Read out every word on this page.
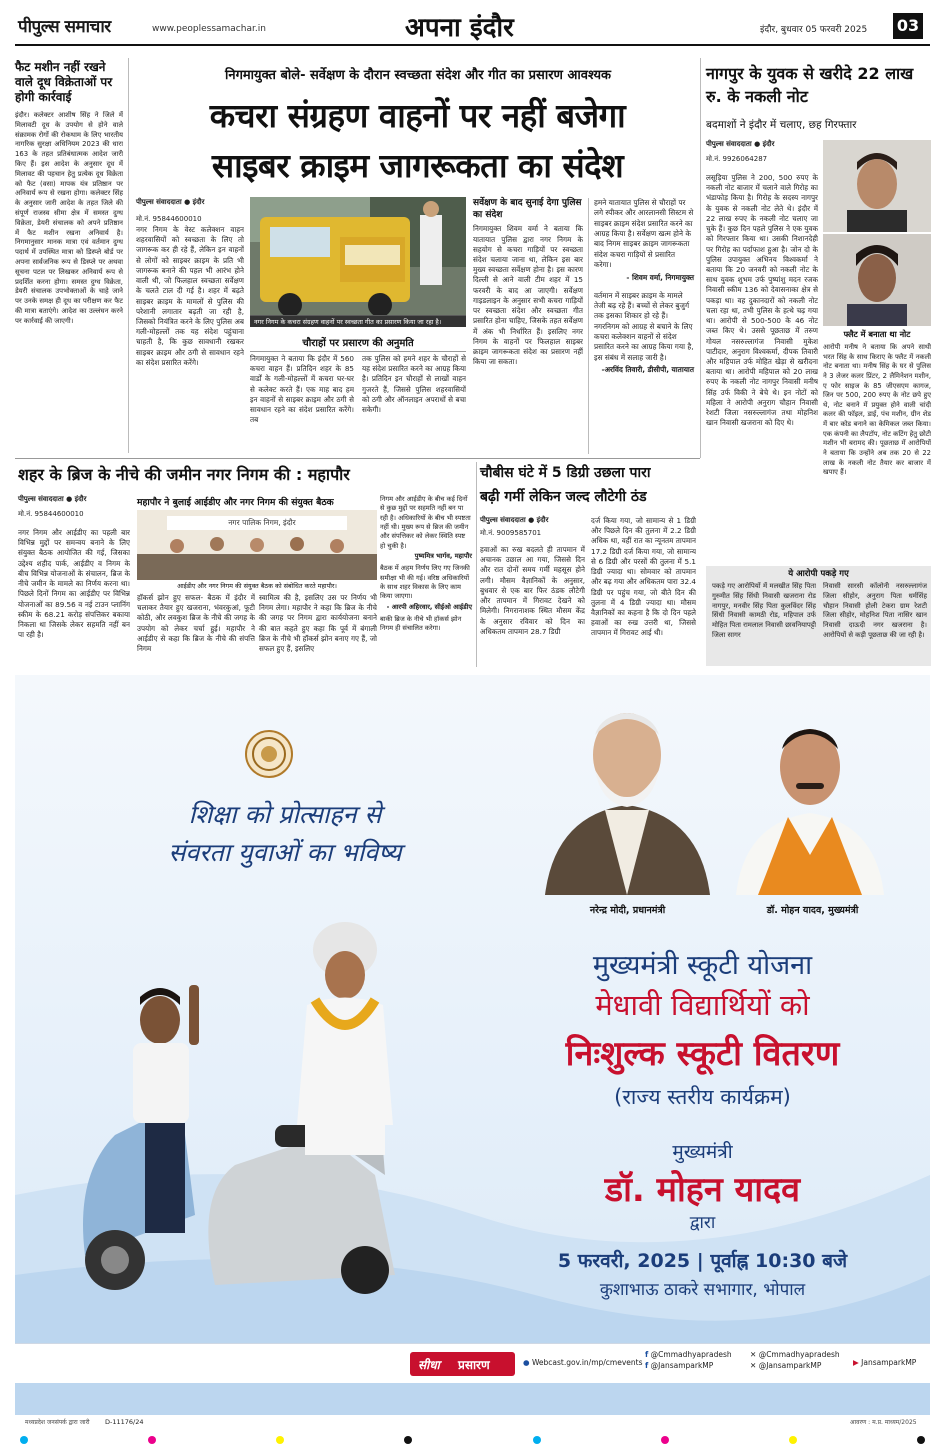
पीपुल्स समाचार	www.peoplessamachar.in	अपना इंदौर	इंदौर, बुधवार 05 फरवरी 2025 03
फैट मशीन नहीं रखने वाले दूध विक्रेताओं पर होगी कार्रवाई
इंदौर। कलेक्टर आशीष सिंह ने जिले में मिलावटी दूध के उपयोग से होने वाले संक्रामक रोगों की रोकथाम के लिए भारतीय नागरिक सुरक्षा अधिनियम 2023 की धारा 163 के तहत प्रतिबंधात्मक आदेश जारी किए हैं। इस आदेश के अनुसार दूध में मिलावट की पहचान हेतु प्रत्येक दूध विक्रेता को फैट (वसा) मापक यंत्र प्रतिष्ठान पर अनिवार्य रूप से रखना होगा। कलेक्टर सिंह के अनुसार जारी आदेश के तहत जिले की संपूर्ण राजस्व सीमा क्षेत्र में समस्त दुग्ध विक्रेता, डेयरी संचालक को अपने प्रतिष्ठान में फैट मशीन रखना अनिवार्य है। निगमानुसार मानक मात्रा एवं वर्तमान दुग्ध पदार्थ में उपस्थित मात्रा को डिस्प्ले बोर्ड पर अपना सार्वजनिक रूप से डिस्प्ले पर अथवा सूचना पटल पर लिखकर अनिवार्य रूप से प्रदर्शित करना होगा। समस्त दुग्ध विक्रेता, डेयरी संचालक उपभोक्ताओं के चाहे जाने पर उनके समक्ष ही दूध का परीक्षण कर फैट की मात्रा बताएंगे। आदेश का उल्लंघन करने पर कार्रवाई की जाएगी।
निगमायुक्त बोले- सर्वेक्षण के दौरान स्वच्छता संदेश और गीत का प्रसारण आवश्यक
कचरा संग्रहण वाहनों पर नहीं बजेगा
साइबर क्राइम जागरूकता का संदेश
पीपुल्स संवाददाता ● इंदौर
मो.नं. 95844600010
नगर निगम के वेस्ट कलेक्शन वाहन शहरवासियों को स्वच्छता के लिए तो जागरूक कर ही रहे हैं, लेकिन इन वाहनों से लोगों को साइबर क्राइम के प्रति भी जागरूक बनाने की पहल भी आरंभ होने वाली थी, जो फिलहाल स्वच्छता सर्वेक्षण के चलते टाल दी गई है। शहर में बढ़ते साइबर क्राइम के मामलों से पुलिस की परेशानी लगातार बढ़ती जा रही है, जिसको नियंत्रित करने के लिए पुलिस अब गली-मोहल्लों तक यह संदेश पहुंचाना चाहती है, कि कुछ सावधानी रखकर साइबर क्राइम और ठगी से सावधान रहने का संदेश प्रसारित करेंगे।
नगर निगम के कचरा संग्रहण वाहनों पर स्वच्छता गीत का प्रसारण किया जा रहा है।
चौराहों पर प्रसारण की अनुमति
निगमायुक्त ने बताया कि इंदौर में 560 कचरा वाहन हैं। प्रतिदिन शहर के 85 वार्डों के गली-मोहल्लों में कचरा घर-घर से कलेक्ट करते हैं। एक माह बाद हम इन वाहनों से साइबर क्राइम और ठगी से सावधान रहने का संदेश प्रसारित करेंगे। तब
तक पुलिस को हमने शहर के चौराहों से यह संदेश प्रसारित करने का आग्रह किया है। प्रतिदिन इन चौराहों से लाखों वाहन गुजरते हैं, जिससे पुलिस शहरवासियों को ठगी और ऑनलाइन अपराधों से बचा सकेगी।
सर्वेक्षण के बाद सुनाई देगा पुलिस का संदेश
निगमायुक्त शिवम वर्मा ने बताया कि यातायात पुलिस द्वारा नगर निगम के सहयोग से कचरा गाड़ियों पर स्वच्छता संदेश चलाया जाना था, लेकिन इस बार मुख्य स्वच्छता सर्वेक्षण होना है। इस कारण दिल्ली से आने वाली टीम शहर में 15 फरवरी के बाद आ जाएगी। सर्वेक्षण गाइडलाइन के अनुसार सभी कचरा गाड़ियों पर स्वच्छता संदेश और स्वच्छता गीत प्रसारित होना चाहिए, जिसके तहत सर्वेक्षण में अंक भी निर्धारित हैं। इसलिए नगर निगम के वाहनों पर फिलहाल साइबर क्राइम जागरूकता संदेश का प्रसारण नहीं किया जा सकता।
हमने यातायात पुलिस से चौराहों पर लगे स्पीकर और आरलानसी सिस्टम से साइबर क्राइम संदेश प्रसारित करने का आग्रह किया है। सर्वेक्षण खत्म होने के बाद निगम साइबर क्राइम जागरूकता संदेश कचरा गाड़ियों से प्रसारित करेगा।
- शिवम वर्मा, निगमायुक्त
वर्तमान में साइबर क्राइम के मामले तेजी बढ़ रहे हैं। बच्चों से लेकर बुजुर्ग तक इसका शिकार हो रहे हैं। नगरनिगम को आग्रह से बचाने के लिए कचरा कलेक्शन वाहनों से संदेश प्रसारित करने का आग्रह किया गया है, इस संबंध में सलाह जारी है।
-अरविंद तिवारी, डीसीपी, यातायात
नागपुर के युवक से खरीदे 22 लाख रु. के नकली नोट
बदमाशों ने इंदौर में चलाए, छह गिरफ्तार
पीपुल्स संवाददाता ● इंदौर
मो.नं. 9926064287
लसूड़िया पुलिस ने 200, 500 रुपए के नकली नोट बाजार में चलाने वाले गिरोह का भंडाफोड़ किया है। गिरोह के सदस्य नागपुर के युवक से नकली नोट लेते थे। इंदौर में 22 लाख रुपए के नकली नोट चलाए जा चुके हैं। कुछ दिन पहले पुलिस ने एक युवक को गिरफ्तार किया था। उसकी निशानदेही पर गिरोह का पर्दाफाश हुआ है। जोन दो के पुलिस उपायुक्त अभिनय विश्वकर्मा ने बताया कि 20 जनवरी को नकली नोट के साथ युवक शुभम उर्फ पुष्पांशु मदन रजक निवासी स्कीम 136 को देवासनाका क्षेत्र से पकड़ा था। वह दुकानदारों को नकली नोट चला रहा था, तभी पुलिस के हत्थे चढ़ गया था। आरोपी से 500-500 के 46 नोट जब्त किए थे। उससे पूछताछ में तरुण गोयल नसरुल्लागंज निवासी मुकेश पाटीदार, अनुराग विश्वकर्मा, दीपक तिवारी और महिपाल उर्फ मोहित खेड़ा से खरीदना बताया था। आरोपी महिपाल को 20 लाख रुपए के नकली नोट नागपुर निवासी मनीष सिंह उर्फ विकी ने बेचे थे। इन नोटों को महिला ने आरोपी अनुराग चौहान निवासी रेशटी जिला नसरुल्लागंज तथा मोहनिश खान निवासी खजराना को दिए थे।
फ्लैट में बनाता था नोट
आरोपी मनीष ने बताया कि अपने साथी भरत सिंह के साथ किराए के फ्लैट में नकली नोट बनाता था। मनीष सिंह के घर से पुलिस ने 3 लेजर कलर प्रिंटर, 2 लैमिनेशन मशीन, ए फोर साइज के 85 जीएसएम कागज, जिन पर 500, 200 रुपए के नोट छपे हुए थे, नोट बनाने में प्रयुक्त होने वाली चांदी कलर की फॉइल, डाई, पंच मशीन, ग्रीन शेड में बार कोड बनाने का केमिकल जब्त किया। एक कंपनी का लैपटॉप, नोट कटिंग हेतु छोटी मशीन भी बरामद की। पूछताछ में आरोपियों ने बताया कि उन्होंने अब तक 20 से 22 लाख के नकली नोट तैयार कर बाजार में खपाए हैं।
ये आरोपी पकड़े गए
पकड़े गए आरोपियों में मलखीत सिंह पिता गुरुमीत सिंह सिंधी निवासी खजराना रोड नागपुर, मनवीर सिंह पिता कुलविंदर सिंह सिंधी निवासी कामठी रोड, महिपाल उर्फ मोहित पिता रामलाल निवासी छावनियापट्टी जिला सागर
निवासी सारसी कॉलोनी नसरुल्लागंज जिला सीहोर, अनुराग पिता धर्मसिंह चौहान निवासी होली टेकरा ग्राम रेशटी जिला सीहोर, मोहनिश पिता नासिर खान निवासी दाऊदी नगर खजराना है। आरोपियों से कड़ी पूछताछ की जा रही है।
शहर के ब्रिज के नीचे की जमीन नगर निगम की : महापौर
पीपुल्स संवाददाता ● इंदौर
मो.नं. 95844600010
नगर निगम और आईडीए का पहली बार विभिन्न मुद्दों पर समन्वय बनाने के लिए संयुक्त बैठक आयोजित की गई, जिसका उद्देश्य शहीद पार्क, आईडीए व निगम के बीच विभिन्न योजनाओं के संचालन, ब्रिज के नीचे जमीन के मामले का निर्णय करना था। पिछले दिनों निगम का आईडीए पर विभिन्न योजनाओं का 89.56 व नई टाउन प्लानिंग स्कीम के 68.21 करोड़ संपत्तिकर बकाया निकला था जिसके लेकर सहमति नहीं बन पा रही है।
महापौर ने बुलाई आईडीए और नगर निगम की संयुक्त बैठक
नगर पालिक निगम, इंदौर
आईडीए और नगर निगम की संयुक्त बैठक को संबोधित करते महापौर।
हॉकर्स झोन हुए सफल- बैठक में इंदौर में चलाकर तैयार हुए खजराना, भंवरकुआं, फूटी कोठी, और लवकुश ब्रिज के नीचे की जगह के उपयोग को लेकर चर्चा हुई। महापौर ने आईडीए से कहा कि ब्रिज के नीचे की संपत्ति निगम
स्वामित्व की है, इसलिए उस पर निर्णय भी निगम लेगा। महापौर ने कहा कि ब्रिज के नीचे की जगह पर निगम द्वारा कार्ययोजना बनाने की बात कहते हुए कहा कि पूर्व में बंगाली ब्रिज के नीचे भी हॉकर्स झोन बनाए गए हैं, जो सफल हुए हैं, इसलिए
निगम और आईडीए के बीच कई दिनों से कुछ मुद्दों पर सहमति नहीं बन पा रही है। अधिकारियों के बीच भी स्पष्टता नहीं थी। मुख्य रूप से ब्रिज की जमीन और संपत्तिकर को लेकर स्थिति स्पष्ट हो चुकी है।
पुष्यमित्र भार्गव, महापौर
बैठक में अहम निर्णय लिए गए जिनकी समीक्षा भी की गई। वरिष्ठ अधिकारियों के साथ शहर विकास के लिए काम किया जाएगा।
- आरपी अहिरवार, सीईओ आईडीए
बाकी ब्रिज के नीचे भी हॉकर्स झोन निगम ही संचालित करेगा।
चौबीस घंटे में 5 डिग्री उछला पारा
बढ़ी गर्मी लेकिन जल्द लौटेगी ठंड
पीपुल्स संवाददाता ● इंदौर
मो.नं. 9009585701
हवाओं का रुख बदलते ही तापमान में अचानक उछाल आ गया, जिससे दिन और रात दोनों समय गर्मी महसूस होने लगी। मौसम वैज्ञानिकों के अनुसार, बुधवार से एक बार फिर ठंडक लौटेगी और तापमान में गिरावट देखने को मिलेगी। निगरानाशक स्थित मौसम केंद्र के अनुसार रविवार को दिन का अधिकतम तापमान 28.7 डिग्री
दर्ज किया गया, जो सामान्य से 1 डिग्री और पिछले दिन की तुलना में 2.2 डिग्री अधिक था, वहीं रात का न्यूनतम तापमान 17.2 डिग्री दर्ज किया गया, जो सामान्य से 6 डिग्री और परसों की तुलना में 5.1 डिग्री ज्यादा था। सोमवार को तापमान और बढ़ गया और अधिकतम पारा 32.4 डिग्री पर पहुंच गया, जो बीते दिन की तुलना में 4 डिग्री ज्यादा था। मौसम वैज्ञानिकों का कहना है कि दो दिन पहले हवाओं का रुख उत्तरी था, जिससे तापमान में गिरावट आई थी।
शिक्षा को प्रोत्साहन से
संवरता युवाओं का भविष्य
नरेन्द्र मोदी, प्रधानमंत्री	डॉ. मोहन यादव, मुख्यमंत्री
मुख्यमंत्री स्कूटी योजना
मेधावी विद्यार्थियों को
निःशुल्क स्कूटी वितरण
(राज्य स्तरीय कार्यक्रम)
मुख्यमंत्री
डॉ. मोहन यादव
द्वारा
5 फरवरी, 2025 | पूर्वाह्न 10:30 बजे
कुशाभाऊ ठाकरे सभागार, भोपाल
सीधा प्रसारण	● Webcast.gov.in/mp/cmevents
f @Cmmadhyapradesh
f @JansamparkMP
✕ @Cmmadhyapradesh
✕ @JansamparkMP	▶ JansamparkMP
मध्यप्रदेश जनसंपर्क द्वारा जारी D-11176/24	आवरण : म.प्र. माध्यम/2025
